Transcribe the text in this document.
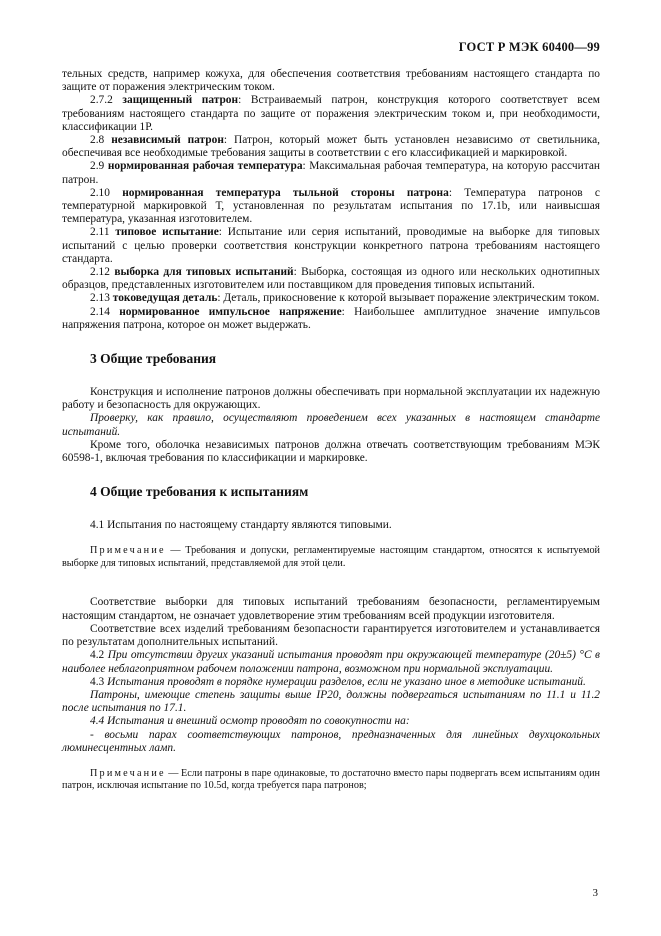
ГОСТ Р МЭК 60400—99

тельных средств, например кожуха, для обеспечения соответствия требованиям настоящего стандарта по защите от поражения электрическим током.

2.7.2 защищенный патрон: Встраиваемый патрон, конструкция которого соответствует всем требованиям настоящего стандарта по защите от поражения электрическим током и, при необходимости, классификации 1Р.

2.8 независимый патрон: Патрон, который может быть установлен независимо от светильника, обеспечивая все необходимые требования защиты в соответствии с его классификацией и маркировкой.

2.9 нормированная рабочая температура: Максимальная рабочая температура, на которую рассчитан патрон.

2.10 нормированная температура тыльной стороны патрона: Температура патронов с температурной маркировкой Т, установленная по результатам испытания по 17.1b, или наивысшая температура, указанная изготовителем.

2.11 типовое испытание: Испытание или серия испытаний, проводимые на выборке для типовых испытаний с целью проверки соответствия конструкции конкретного патрона требованиям настоящего стандарта.

2.12 выборка для типовых испытаний: Выборка, состоящая из одного или нескольких однотипных образцов, представленных изготовителем или поставщиком для проведения типовых испытаний.

2.13 токоведущая деталь: Деталь, прикосновение к которой вызывает поражение электрическим током.

2.14 нормированное импульсное напряжение: Наибольшее амплитудное значение импульсов напряжения патрона, которое он может выдержать.

3 Общие требования

Конструкция и исполнение патронов должны обеспечивать при нормальной эксплуатации их надежную работу и безопасность для окружающих.

Проверку, как правило, осуществляют проведением всех указанных в настоящем стандарте испытаний.

Кроме того, оболочка независимых патронов должна отвечать соответствующим требованиям МЭК 60598-1, включая требования по классификации и маркировке.

4 Общие требования к испытаниям

4.1 Испытания по настоящему стандарту являются типовыми.

Примечание — Требования и допуски, регламентируемые настоящим стандартом, относятся к испытуемой выборке для типовых испытаний, представляемой для этой цели.

Соответствие выборки для типовых испытаний требованиям безопасности, регламентируемым настоящим стандартом, не означает удовлетворение этим требованиям всей продукции изготовителя.

Соответствие всех изделий требованиям безопасности гарантируется изготовителем и устанавливается по результатам дополнительных испытаний.

4.2 При отсутствии других указаний испытания проводят при окружающей температуре (20±5) °С в наиболее неблагоприятном рабочем положении патрона, возможном при нормальной эксплуатации.

4.3 Испытания проводят в порядке нумерации разделов, если не указано иное в методике испытаний.

Патроны, имеющие степень защиты выше IP20, должны подвергаться испытаниям по 11.1 и 11.2 после испытания по 17.1.

4.4 Испытания и внешний осмотр проводят по совокупности на:

- восьми парах соответствующих патронов, предназначенных для линейных двухцокольных люминесцентных ламп.

Примечание — Если патроны в паре одинаковые, то достаточно вместо пары подвергать всем испытаниям один патрон, исключая испытание по 10.5d, когда требуется пара патронов;

3
